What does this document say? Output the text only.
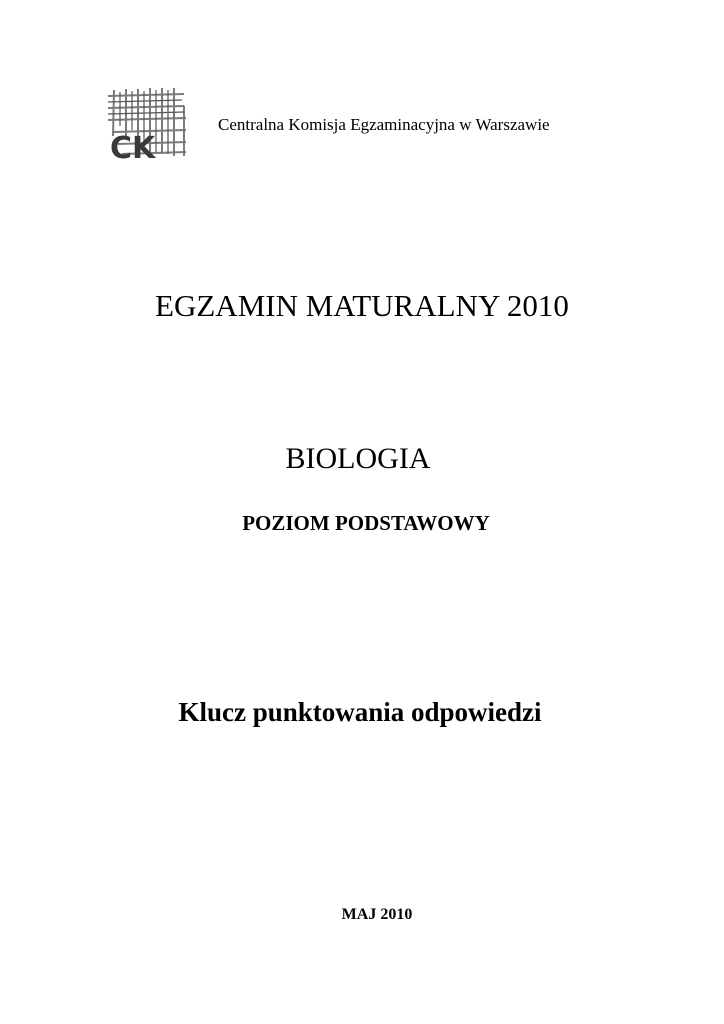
CK
Centralna Komisja Egzaminacyjna w Warszawie
EGZAMIN MATURALNY 2010
BIOLOGIA
POZIOM PODSTAWOWY
Klucz punktowania odpowiedzi
MAJ 2010
